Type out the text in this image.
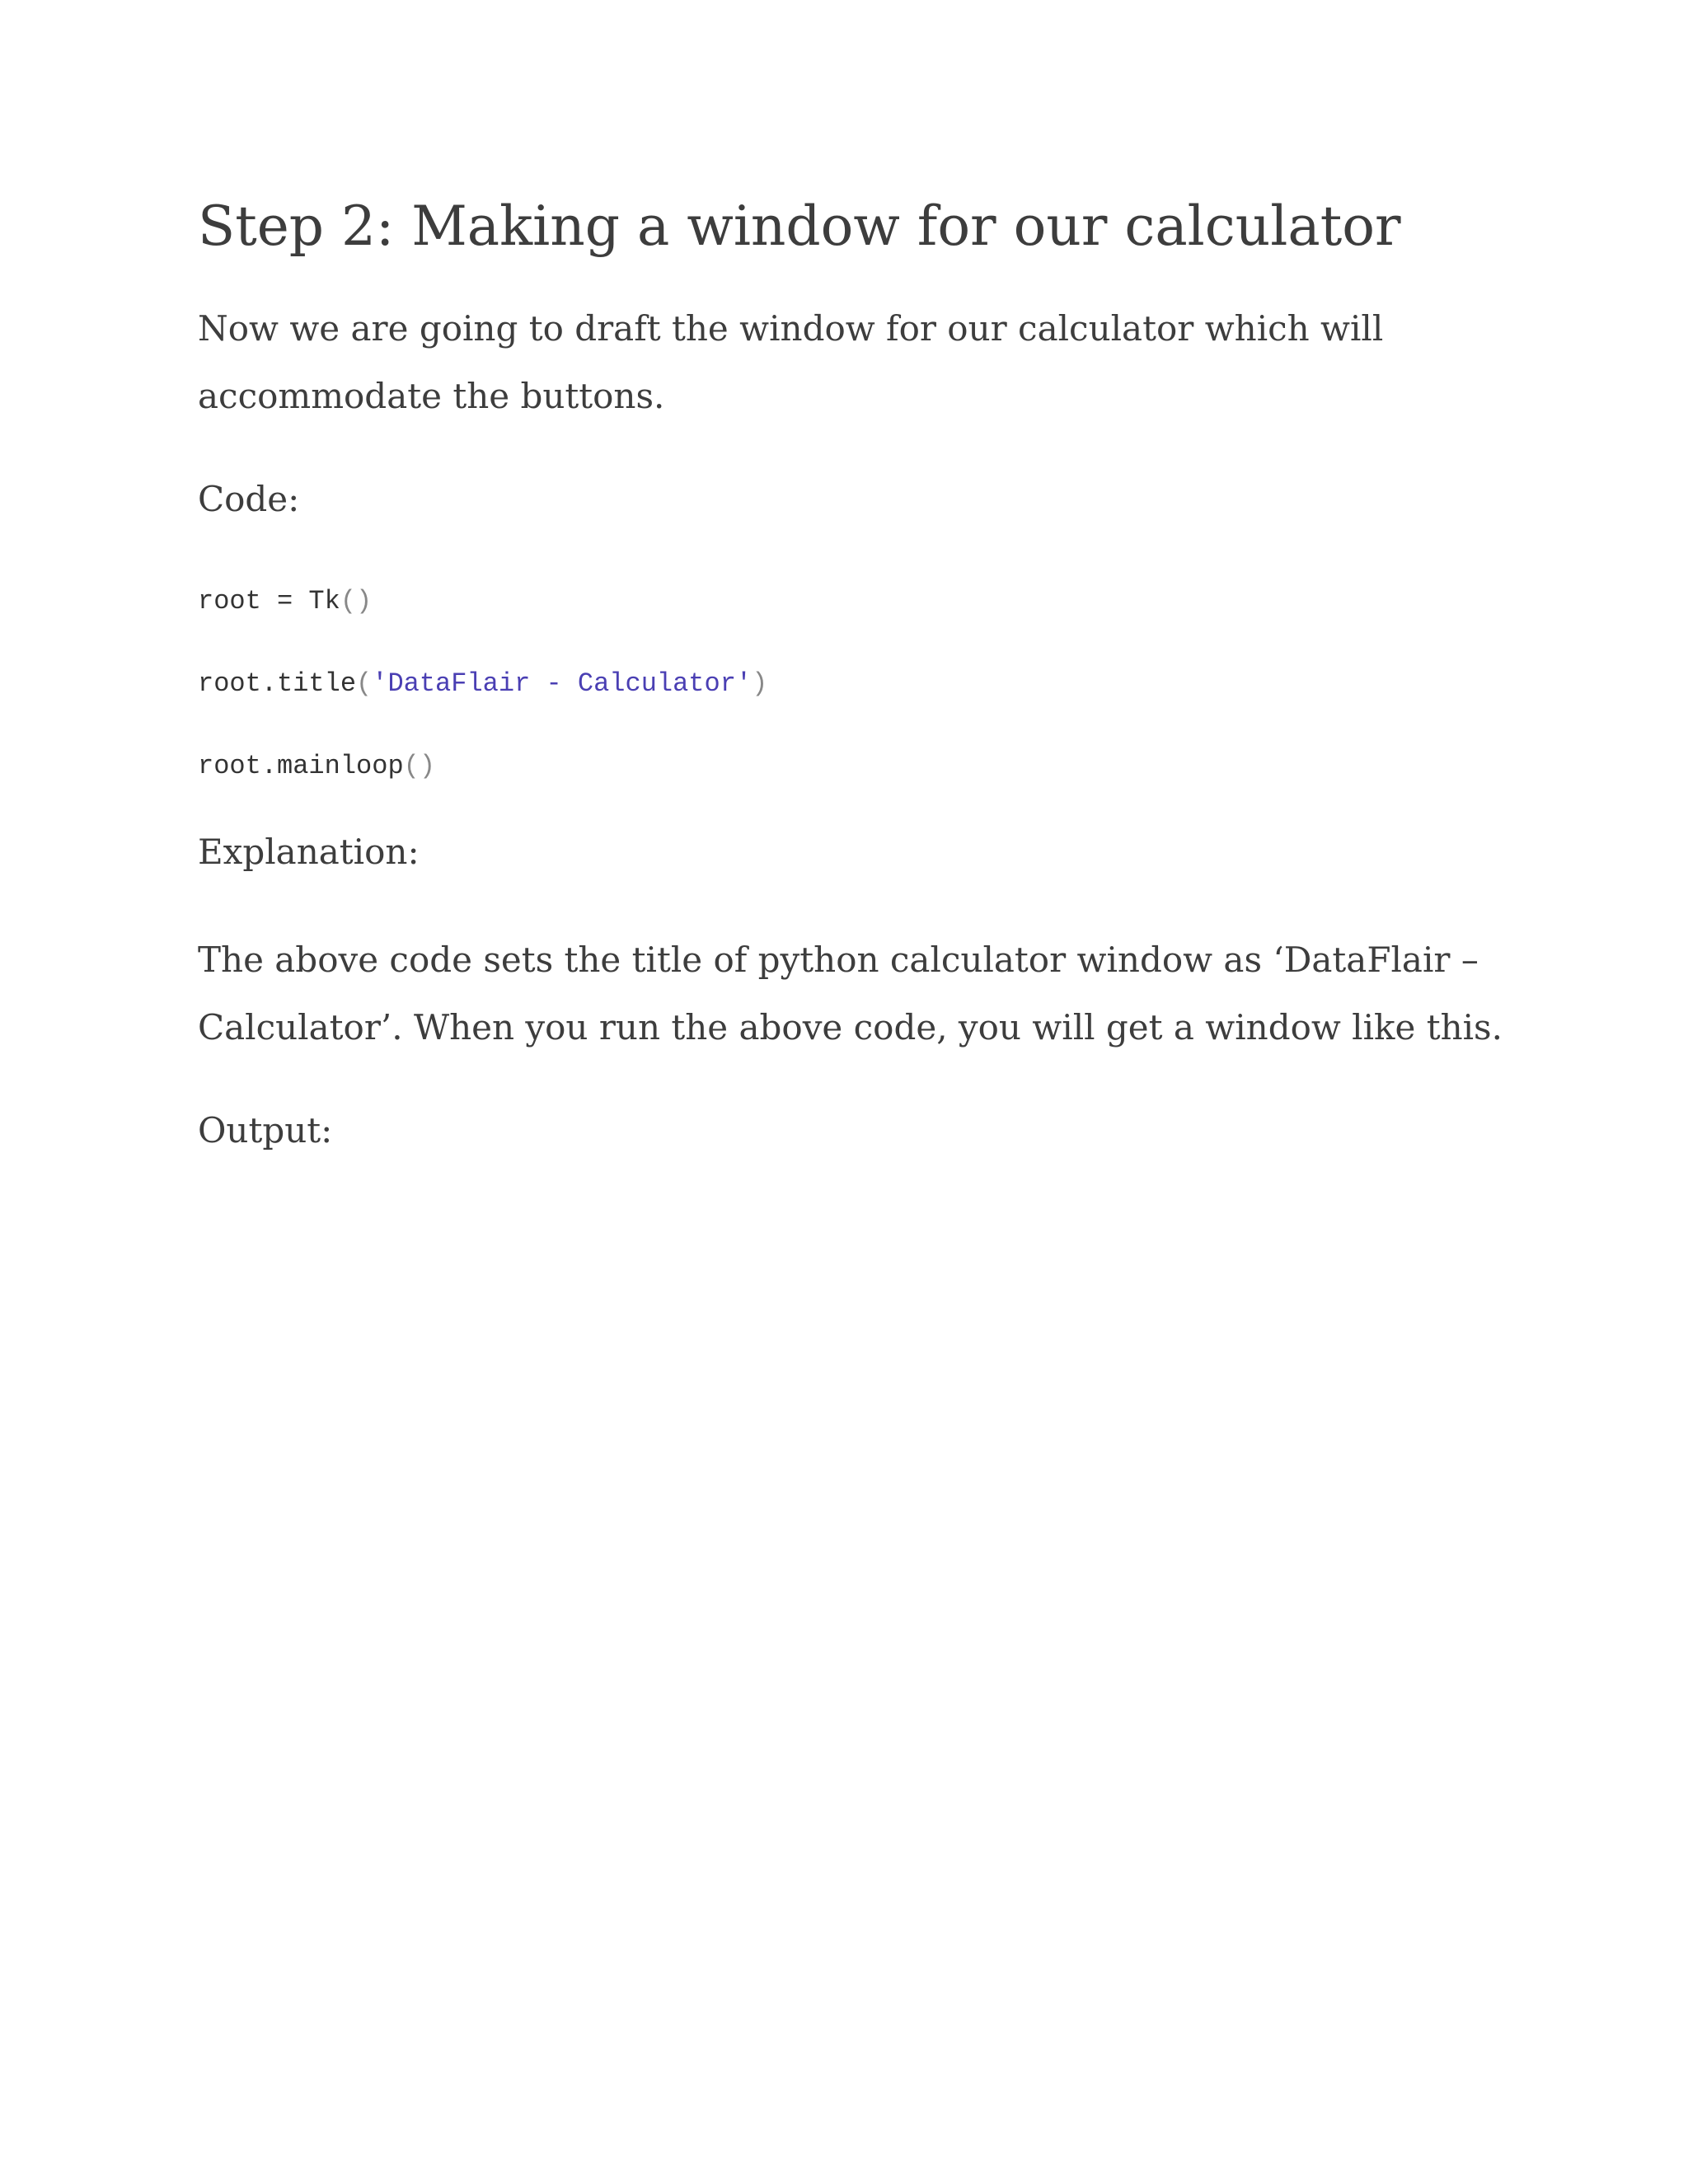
Step 2: Making a window for our calculator

Now we are going to draft the window for our calculator which will
accommodate the buttons.

Code:

root = Tk()
root.title('DataFlair - Calculator')
root.mainloop()

Explanation:

The above code sets the title of python calculator window as ‘DataFlair –
Calculator’. When you run the above code, you will get a window like this.

Output:
